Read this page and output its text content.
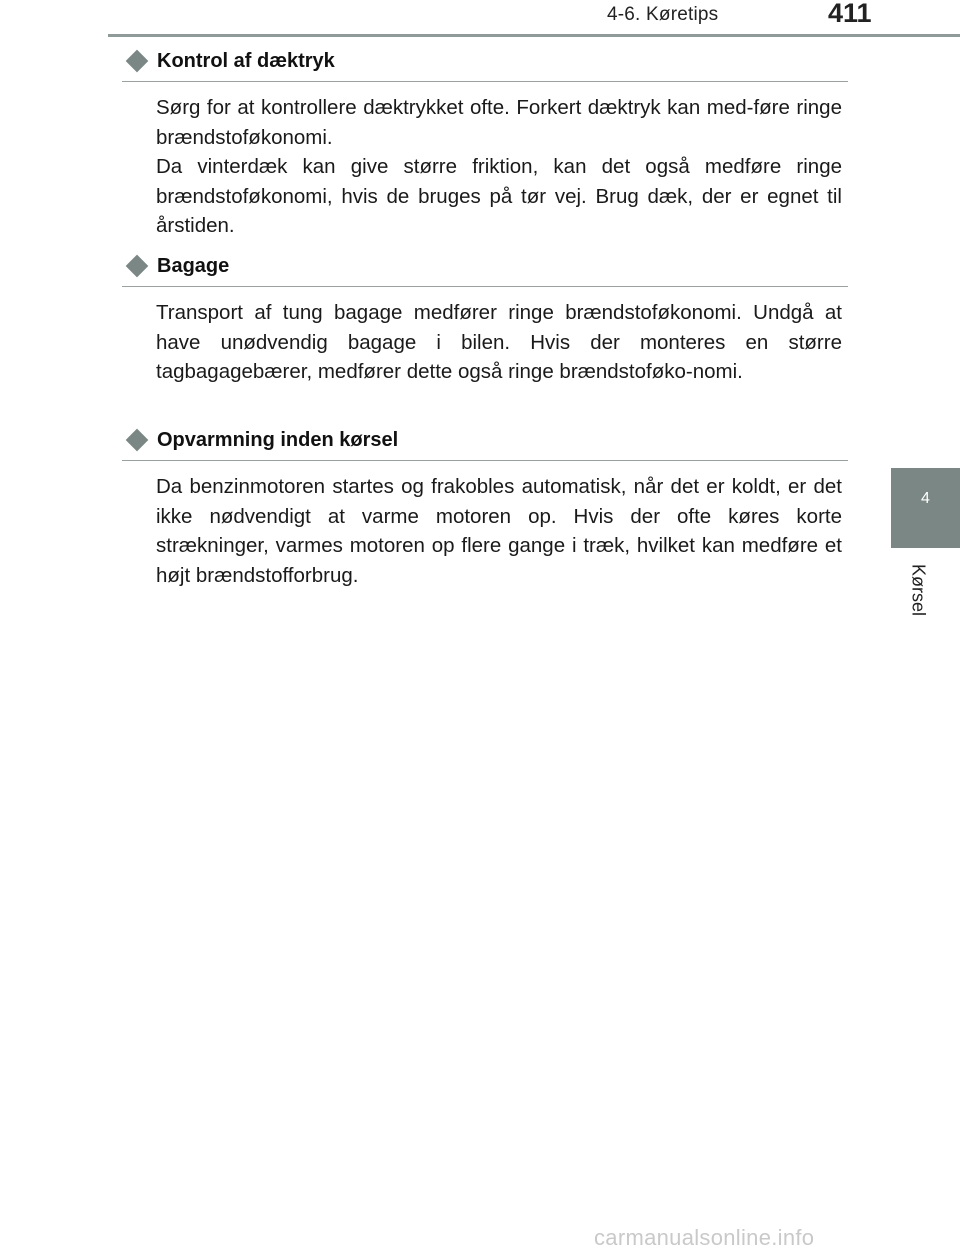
4-6. Køretips	411
4
Kørsel
Kontrol af dæktryk

Sørg for at kontrollere dæktrykket ofte. Forkert dæktryk kan med-føre ringe brændstoføkonomi.

Da vinterdæk kan give større friktion, kan det også medføre ringe brændstoføkonomi, hvis de bruges på tør vej. Brug dæk, der er egnet til årstiden.

Bagage

Transport af tung bagage medfører ringe brændstoføkonomi. Undgå at have unødvendig bagage i bilen. Hvis der monteres en større tagbagagebærer, medfører dette også ringe brændstoføko-nomi.

Opvarmning inden kørsel

Da benzinmotoren startes og frakobles automatisk, når det er koldt, er det ikke nødvendigt at varme motoren op. Hvis der ofte køres korte strækninger, varmes motoren op flere gange i træk, hvilket kan medføre et højt brændstofforbrug.

carmanualsonline.info
